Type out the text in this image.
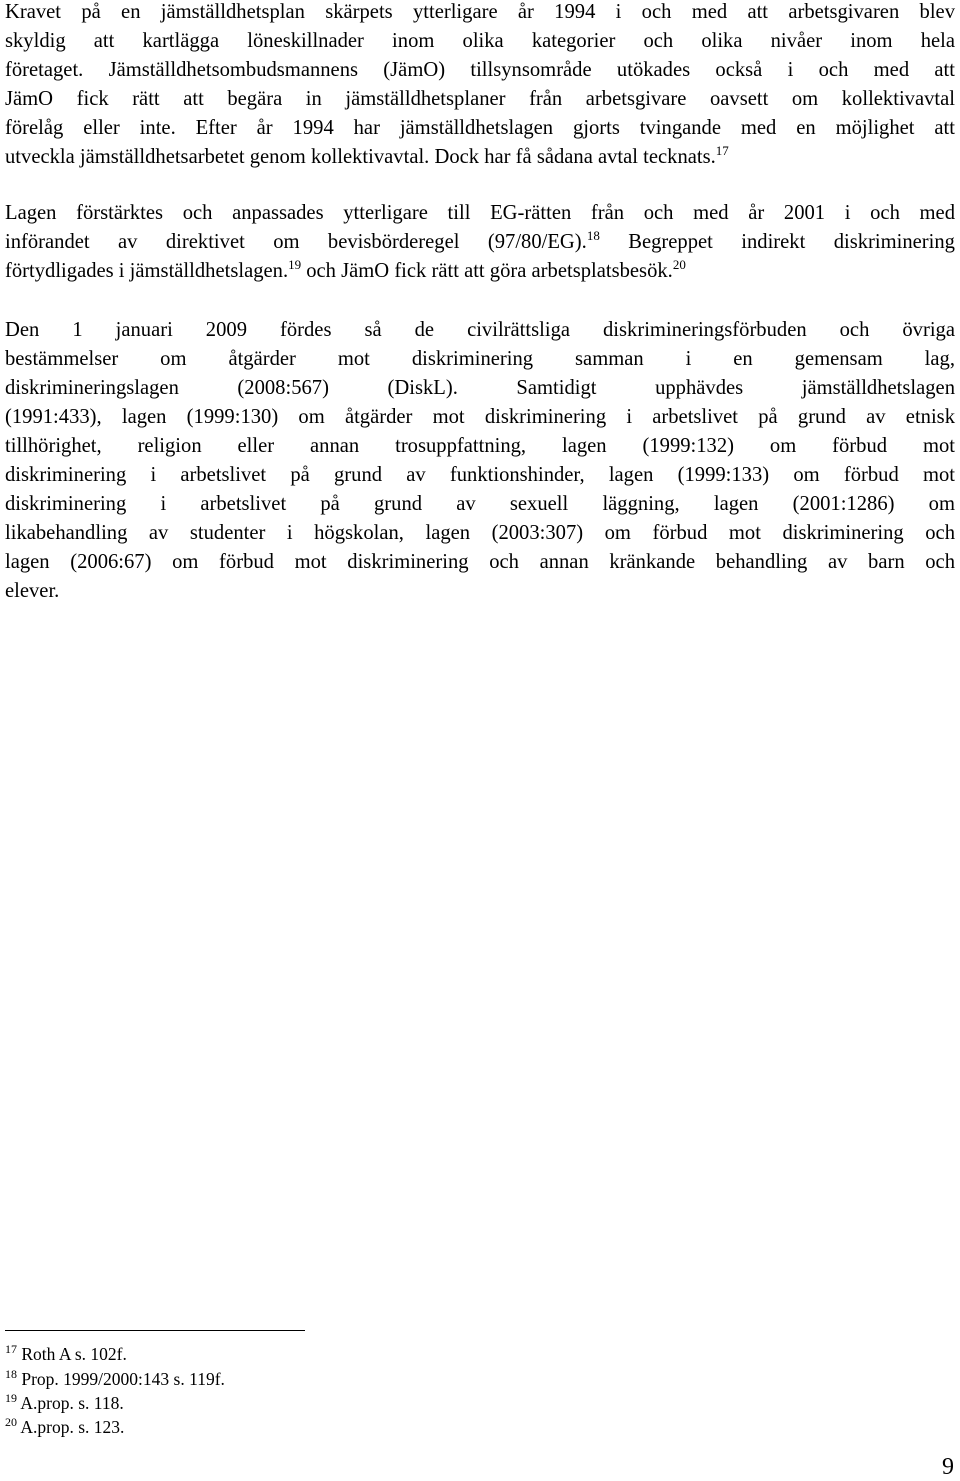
Kravet på en jämställdhetsplan skärpets ytterligare år 1994 i och med att arbetsgivaren blev
skyldig att kartlägga löneskillnader inom olika kategorier och olika nivåer inom hela
företaget. Jämställdhetsombudsmannens (JämO) tillsynsområde utökades också i och med att
JämO fick rätt att begära in jämställdhetsplaner från arbetsgivare oavsett om kollektivavtal
förelåg eller inte. Efter år 1994 har jämställdhetslagen gjorts tvingande med en möjlighet att
utveckla jämställdhetsarbetet genom kollektivavtal. Dock har få sådana avtal tecknats.$^{17}$
Lagen förstärktes och anpassades ytterligare till EG-rätten från och med år 2001 i och med
införandet av direktivet om bevisbörderegel (97/80/EG).$^{18}$ Begreppet indirekt diskriminering
förtydligades i jämställdhetslagen.$^{19}$ och JämO fick rätt att göra arbetsplatsbesök.$^{20}$
Den 1 januari 2009 fördes så de civilrättsliga diskrimineringsförbuden och övriga
bestämmelser om åtgärder mot diskriminering samman i en gemensam lag,
diskrimineringslagen (2008:567) (DiskL). Samtidigt upphävdes jämställdhetslagen
(1991:433), lagen (1999:130) om åtgärder mot diskriminering i arbetslivet på grund av etnisk
tillhörighet, religion eller annan trosuppfattning, lagen (1999:132) om förbud mot
diskriminering i arbetslivet på grund av funktionshinder, lagen (1999:133) om förbud mot
diskriminering i arbetslivet på grund av sexuell läggning, lagen (2001:1286) om
likabehandling av studenter i högskolan, lagen (2003:307) om förbud mot diskriminering och
lagen (2006:67) om förbud mot diskriminering och annan kränkande behandling av barn och
elever.
$^{17}$ Roth A s. 102f.
$^{18}$ Prop. 1999/2000:143 s. 119f.
$^{19}$ A.prop. s. 118.
$^{20}$ A.prop. s. 123.
9
